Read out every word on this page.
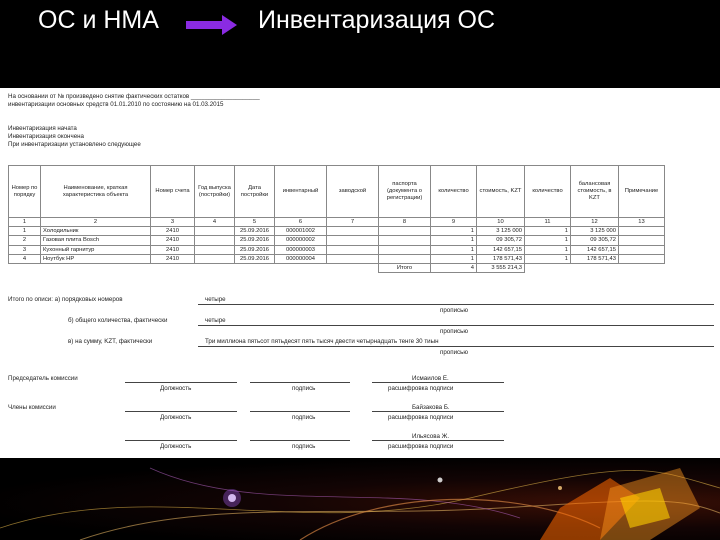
ОС и НМА	Инвентаризация ОС
На основании от № произведено снятие фактических остатков ____________________
инвентаризации основных средств 01.01.2010 по состоянию на 01.03.2015
Инвентаризация начата
Инвентаризация окончена
При инвентаризации установлено следующее
Номер по порядку	Наименование, краткая характеристика объекта	Номер счета	Год выпуска (постройки)	Дата постройки	инвентарный	заводской	паспорта (документа о регистрации)	количество	стоимость, KZT	количество	балансовая стоимость, в KZT	Примечание
1	2	3	4	5	6	7	8	9	10	11	12	13
1	Холодильник	2410		25.09.2016	000001002			1	3 125 000	1	3 125 000	
2	Газовая плита Bosch	2410		25.09.2016	000000002			1	09 305,72	1	09 305,72	
3	Кухонный гарнитур	2410		25.09.2016	000000003			1	142 657,15	1	142 657,15	
4	Ноутбук HP	2410		25.09.2016	000000004			1	178 571,43	1	178 571,43	
							Итого	4	3 555 214,3			
Итого по описи: а) порядковых номеров	четыре
прописью
б) общего количества, фактически	четыре
прописью
в) на сумму, KZT, фактически	Три миллиона пятьсот пятьдесят пять тысяч двести четырнадцать тенге 30 тиын
прописью
Председатель комиссии
Члены комиссии
Должность	подпись
Исмаилов Е.
расшифровка подписи
Должность	подпись
Байзакова Б.
расшифровка подписи
Должность	подпись
Ильясова Ж.
расшифровка подписи
